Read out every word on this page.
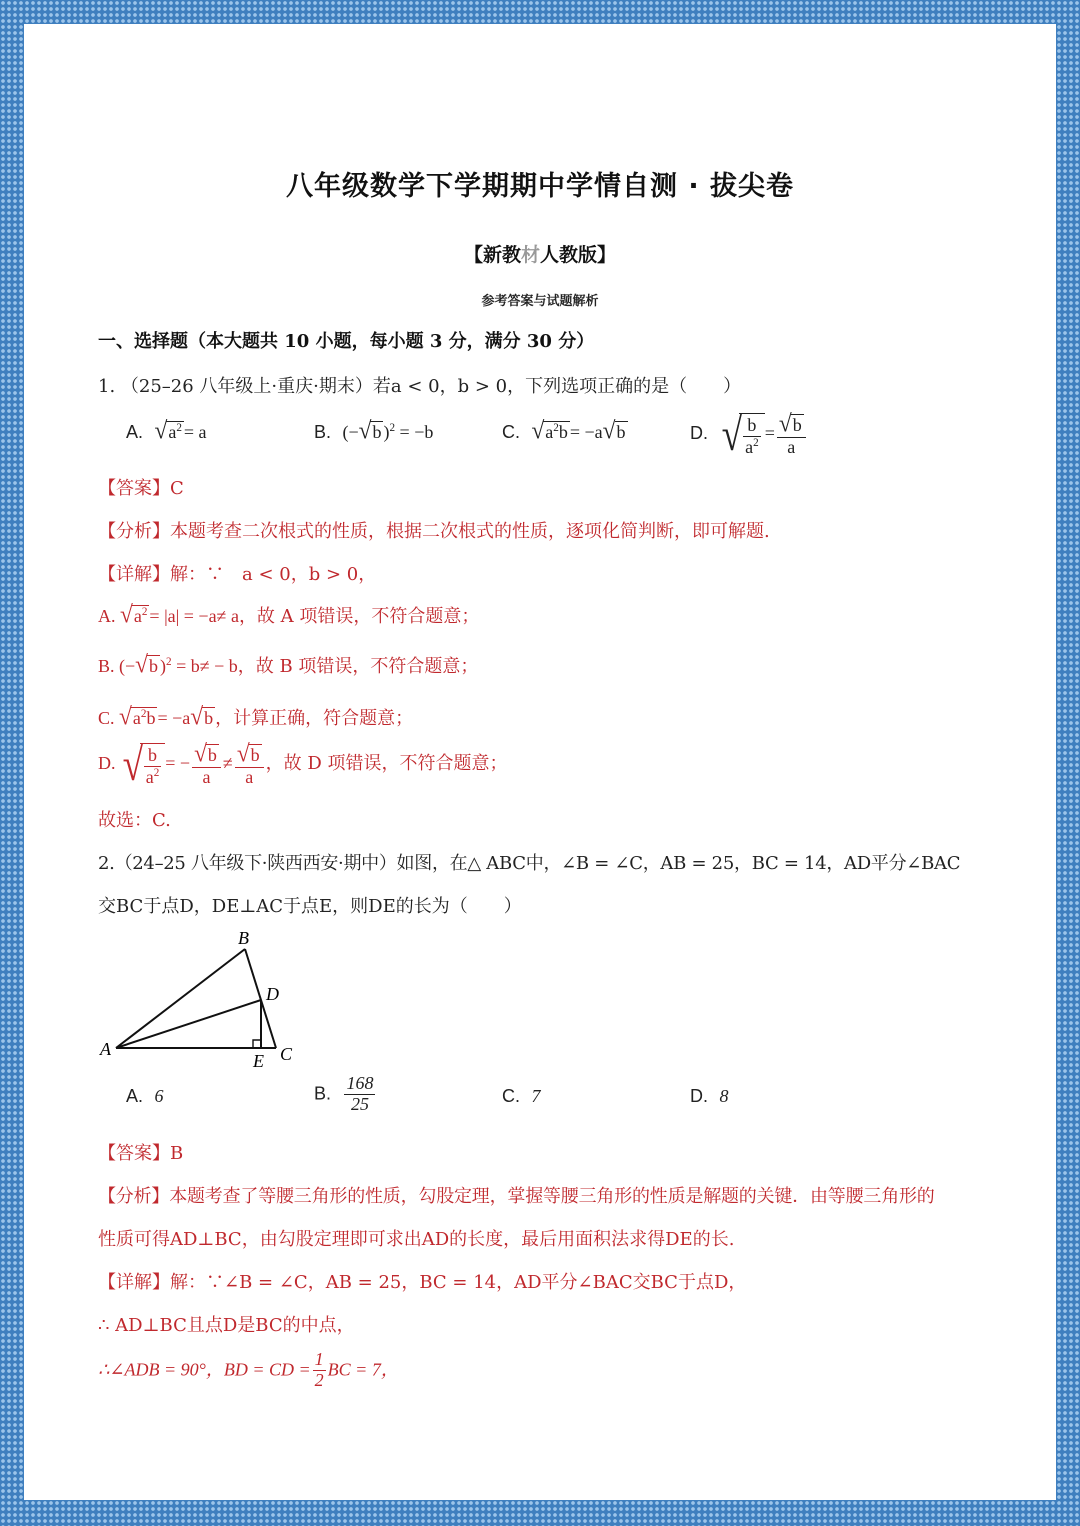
八年级数学下学期期中学情自测 · 拔尖卷
【新教材人教版】
参考答案与试题解析
一、选择题（本大题共 10 小题，每小题 3 分，满分 30 分）
1. （25–26 八年级上·重庆·期末）若a < 0，b > 0，下列选项正确的是（　　）
A. $√a^2 = a$	B. (−√b )$^2$ = −b	C. $√a^2b = -a√b$	D. √ $\frac{b}{a^2} = \frac{√b}{a}$
【答案】C
【分析】本题考查二次根式的性质，根据二次根式的性质，逐项化简判断，即可解题.
【详解】解：∵　a < 0，b > 0，
A. $√a^2 = |a| = -a\ne a$，故 A 项错误，不符合题意；
B. (−√b )$^2$ = b≠ − b，故 B 项错误，不符合题意；
C. $√a^2b = -a√b$ ，计算正确，符合题意；
D. √ $\frac{b}{a^2}$ = − $\frac{√b}{a} \ne \frac{√b}{a}$ ，故 D 项错误，不符合题意；
故选：C.
2.（24–25 八年级下·陕西西安·期中）如图，在△ ABC中，∠B = ∠C，AB = 25，BC = 14，AD平分∠BAC
交BC于点D，DE⊥AC于点E，则DE的长为（　　）
B
D
A
E C
A. 6	B. $\frac{168}{25}$	C. 7	D. 8
【答案】B
【分析】本题考查了等腰三角形的性质，勾股定理，掌握等腰三角形的性质是解题的关键．由等腰三角形的
性质可得AD⊥BC，由勾股定理即可求出AD的长度，最后用面积法求得DE的长.
【详解】解：∵∠B = ∠C，AB = 25，BC = 14，AD平分∠BAC交BC于点D，
∴ AD⊥BC且点D是BC的中点，
∴∠ADB = 90°，BD = CD = $\frac{1}{2}$ BC = 7，
